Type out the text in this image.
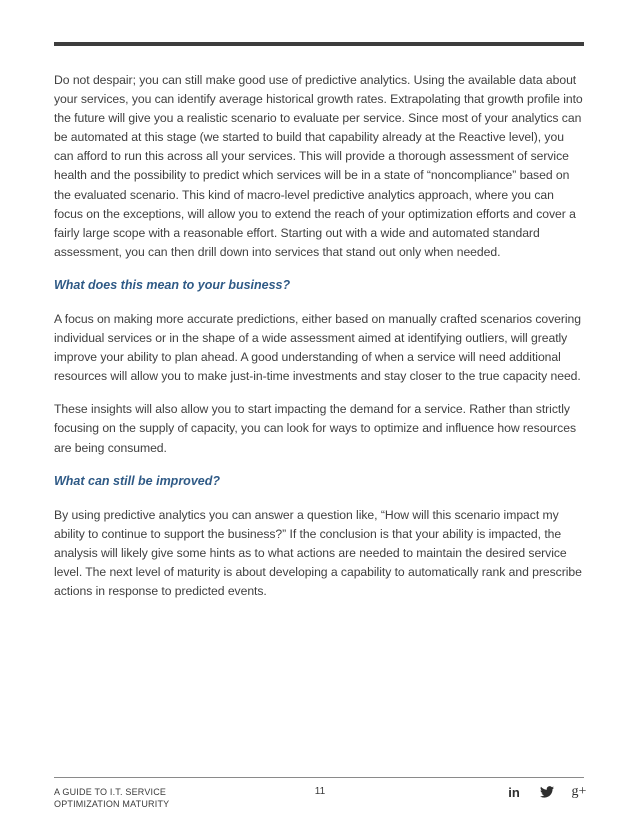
Do not despair; you can still make good use of predictive analytics. Using the available data about your services, you can identify average historical growth rates. Extrapolating that growth profile into the future will give you a realistic scenario to evaluate per service. Since most of your analytics can be automated at this stage (we started to build that capability already at the Reactive level), you can afford to run this across all your services. This will provide a thorough assessment of service health and the possibility to predict which services will be in a state of “noncompliance” based on the evaluated scenario. This kind of macro-level predictive analytics approach, where you can focus on the exceptions, will allow you to extend the reach of your optimization efforts and cover a fairly large scope with a reasonable effort. Starting out with a wide and automated standard assessment, you can then drill down into services that stand out only when needed.

What does this mean to your business?

A focus on making more accurate predictions, either based on manually crafted scenarios covering individual services or in the shape of a wide assessment aimed at identifying outliers, will greatly improve your ability to plan ahead. A good understanding of when a service will need additional resources will allow you to make just-in-time investments and stay closer to the true capacity need.

These insights will also allow you to start impacting the demand for a service. Rather than strictly focusing on the supply of capacity, you can look for ways to optimize and influence how resources are being consumed.

What can still be improved?

By using predictive analytics you can answer a question like, “How will this scenario impact my ability to continue to support the business?” If the conclusion is that your ability is impacted, the analysis will likely give some hints as to what actions are needed to maintain the desired service level. The next level of maturity is about developing a capability to automatically rank and prescribe actions in response to predicted events.

A GUIDE TO I.T. SERVICE
OPTIMIZATION MATURITY
11	in	g+
